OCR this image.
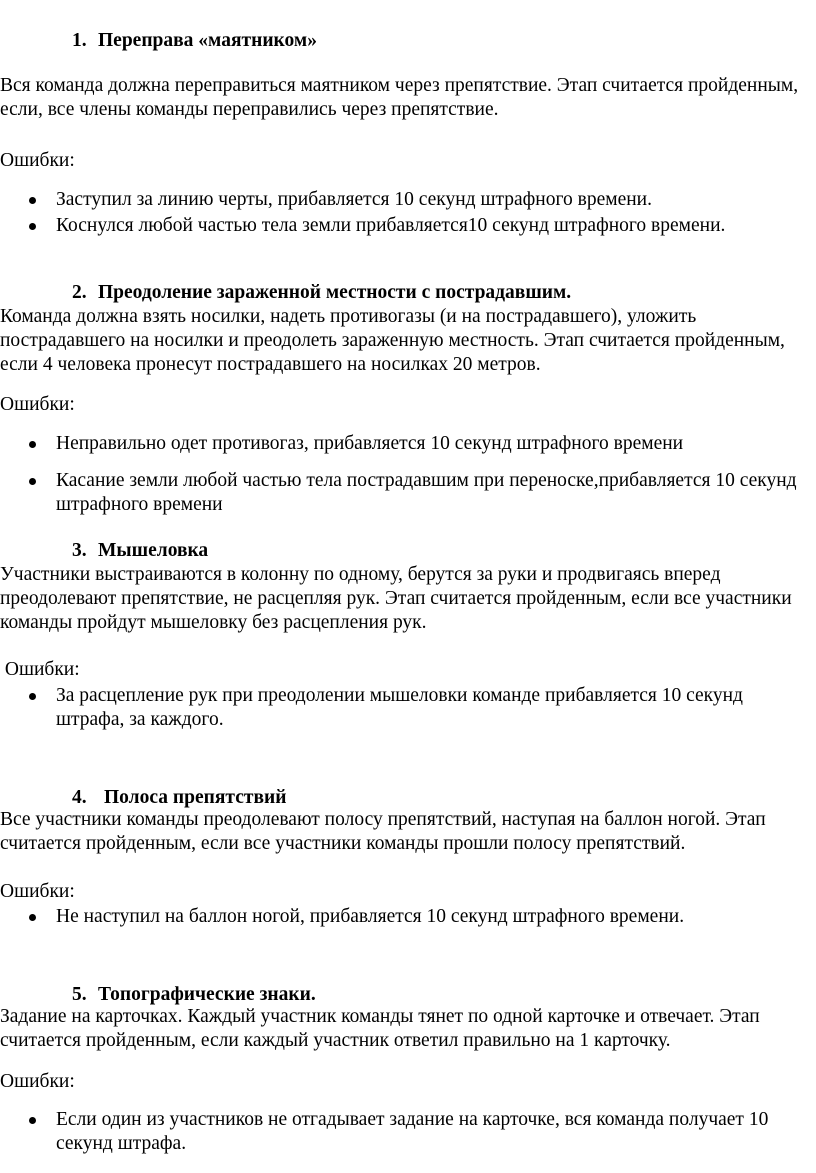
1. Переправа «маятником»

Вся команда должна переправиться маятником через препятствие. Этап считается пройденным, если, все члены команды переправились через препятствие.

Ошибки:

Заступил за линию черты, прибавляется 10 секунд штрафного времени.
Коснулся любой частью тела земли прибавляется10 секунд штрафного времени.
2. Преодоление зараженной местности с пострадавшим.

Команда должна взять носилки, надеть противогазы (и на пострадавшего), уложить пострадавшего на носилки и преодолеть зараженную местность. Этап считается пройденным, если 4 человека пронесут пострадавшего на носилках 20 метров.

Ошибки:

Неправильно одет противогаз, прибавляется 10 секунд штрафного времени
Касание земли любой частью тела пострадавшим при переноске,прибавляется 10 секунд штрафного времени
3. Мышеловка

Участники выстраиваются в колонну по одному, берутся за руки и продвигаясь вперед преодолевают препятствие, не расцепляя рук. Этап считается пройденным, если все участники команды пройдут мышеловку без расцепления рук.

Ошибки:

За расцепление рук при преодолении мышеловки команде прибавляется 10 секунд штрафа, за каждого.
4. Полоса препятствий

Все участники команды преодолевают полосу препятствий, наступая на баллон ногой. Этап считается пройденным, если все участники команды прошли полосу препятствий.

Ошибки:

Не наступил на баллон ногой, прибавляется 10 секунд штрафного времени.
5. Топографические знаки.

Задание на карточках. Каждый участник команды тянет по одной карточке и отвечает. Этап считается пройденным, если каждый участник ответил правильно на 1 карточку.

Ошибки:

Если один из участников не отгадывает задание на карточке, вся команда получает 10 секунд штрафа.
